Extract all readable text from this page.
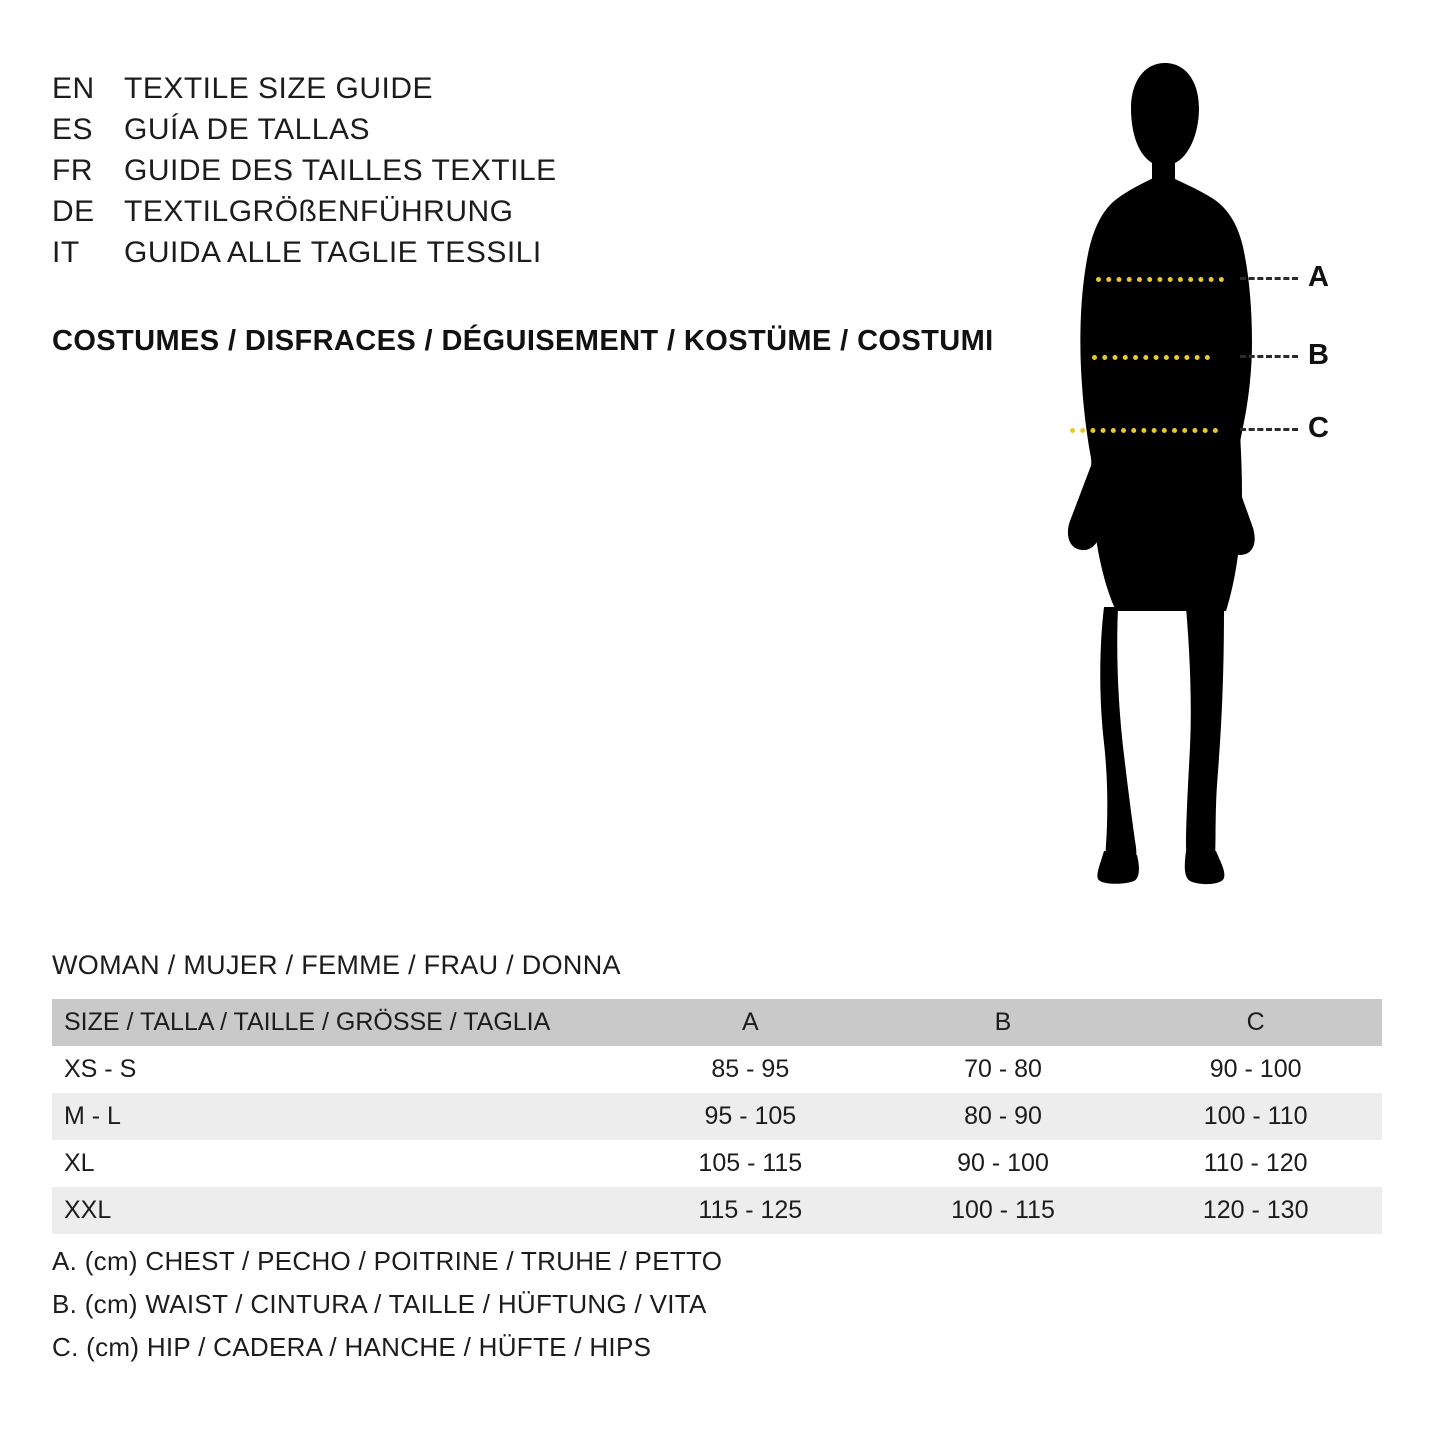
EN TEXTILE SIZE GUIDE
ES	GUÍA DE TALLAS
FR	GUIDE DES TAILLES TEXTILE
DE TEXTILGRÖßENFÜHRUNG
IT	GUIDA ALLE TAGLIE TESSILI
COSTUMES / DISFRACES / DÉGUISEMENT / KOSTÜME / COSTUMI
A
B
C
WOMAN / MUJER / FEMME / FRAU / DONNA
SIZE / TALLA / TAILLE / GRÖSSE / TAGLIA	A	B	C
XS - S	85 - 95	70 - 80	90 - 100
M - L	95 - 105	80 - 90	100 - 110
XL	105 - 115	90 - 100	110 - 120
XXL	115 - 125	100 - 115	120 - 130
A. (cm) CHEST / PECHO / POITRINE / TRUHE / PETTO
B. (cm) WAIST / CINTURA / TAILLE / HÜFTUNG / VITA
C. (cm) HIP / CADERA / HANCHE / HÜFTE / HIPS
